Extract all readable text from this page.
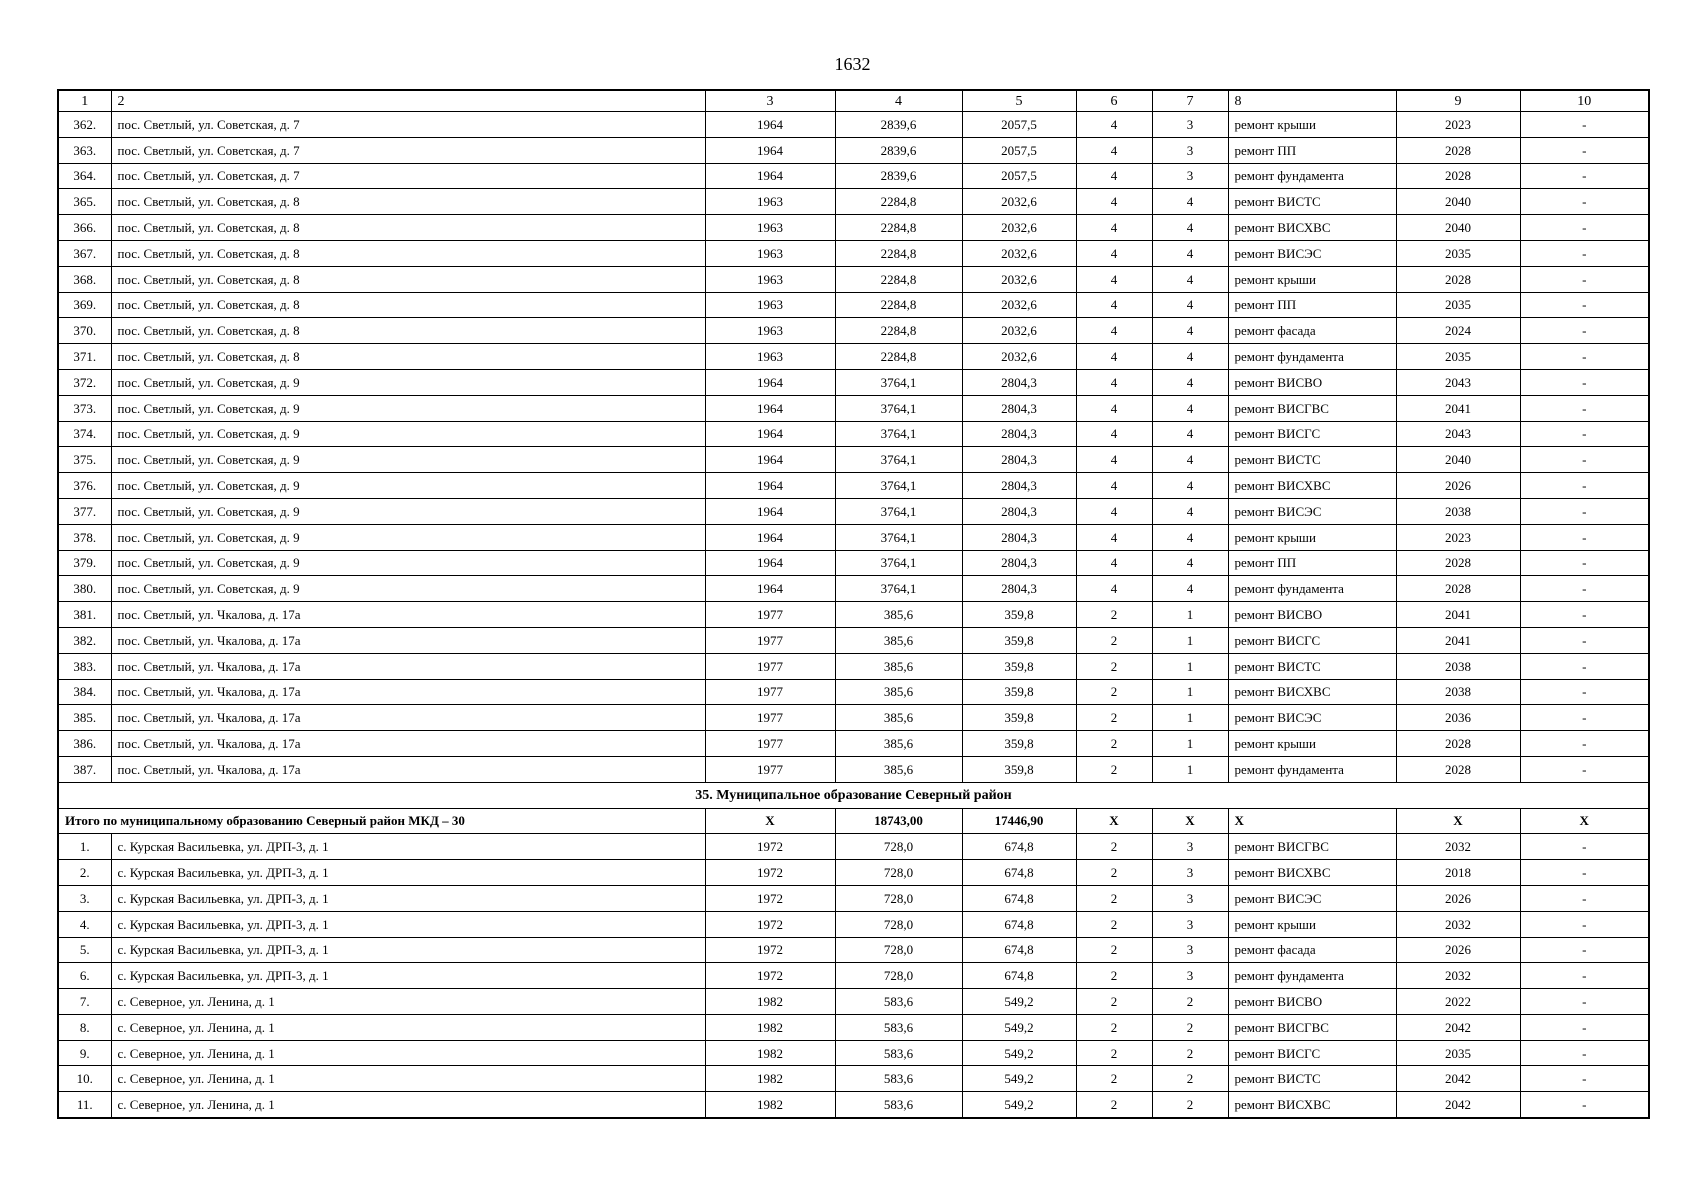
1632
1	2	3	4	5	6	7	8	9	10
362.	пос. Светлый, ул. Советская, д. 7	1964	2839,6	2057,5	4	3	ремонт крыши	2023	-
363.	пос. Светлый, ул. Советская, д. 7	1964	2839,6	2057,5	4	3	ремонт ПП	2028	-
364.	пос. Светлый, ул. Советская, д. 7	1964	2839,6	2057,5	4	3	ремонт фундамента	2028	-
365.	пос. Светлый, ул. Советская, д. 8	1963	2284,8	2032,6	4	4	ремонт ВИСТС	2040	-
366.	пос. Светлый, ул. Советская, д. 8	1963	2284,8	2032,6	4	4	ремонт ВИСХВС	2040	-
367.	пос. Светлый, ул. Советская, д. 8	1963	2284,8	2032,6	4	4	ремонт ВИСЭС	2035	-
368.	пос. Светлый, ул. Советская, д. 8	1963	2284,8	2032,6	4	4	ремонт крыши	2028	-
369.	пос. Светлый, ул. Советская, д. 8	1963	2284,8	2032,6	4	4	ремонт ПП	2035	-
370.	пос. Светлый, ул. Советская, д. 8	1963	2284,8	2032,6	4	4	ремонт фасада	2024	-
371.	пос. Светлый, ул. Советская, д. 8	1963	2284,8	2032,6	4	4	ремонт фундамента	2035	-
372.	пос. Светлый, ул. Советская, д. 9	1964	3764,1	2804,3	4	4	ремонт ВИСВО	2043	-
373.	пос. Светлый, ул. Советская, д. 9	1964	3764,1	2804,3	4	4	ремонт ВИСГВС	2041	-
374.	пос. Светлый, ул. Советская, д. 9	1964	3764,1	2804,3	4	4	ремонт ВИСГС	2043	-
375.	пос. Светлый, ул. Советская, д. 9	1964	3764,1	2804,3	4	4	ремонт ВИСТС	2040	-
376.	пос. Светлый, ул. Советская, д. 9	1964	3764,1	2804,3	4	4	ремонт ВИСХВС	2026	-
377.	пос. Светлый, ул. Советская, д. 9	1964	3764,1	2804,3	4	4	ремонт ВИСЭС	2038	-
378.	пос. Светлый, ул. Советская, д. 9	1964	3764,1	2804,3	4	4	ремонт крыши	2023	-
379.	пос. Светлый, ул. Советская, д. 9	1964	3764,1	2804,3	4	4	ремонт ПП	2028	-
380.	пос. Светлый, ул. Советская, д. 9	1964	3764,1	2804,3	4	4	ремонт фундамента	2028	-
381.	пос. Светлый, ул. Чкалова, д. 17а	1977	385,6	359,8	2	1	ремонт ВИСВО	2041	-
382.	пос. Светлый, ул. Чкалова, д. 17а	1977	385,6	359,8	2	1	ремонт ВИСГС	2041	-
383.	пос. Светлый, ул. Чкалова, д. 17а	1977	385,6	359,8	2	1	ремонт ВИСТС	2038	-
384.	пос. Светлый, ул. Чкалова, д. 17а	1977	385,6	359,8	2	1	ремонт ВИСХВС	2038	-
385.	пос. Светлый, ул. Чкалова, д. 17а	1977	385,6	359,8	2	1	ремонт ВИСЭС	2036	-
386.	пос. Светлый, ул. Чкалова, д. 17а	1977	385,6	359,8	2	1	ремонт крыши	2028	-
387.	пос. Светлый, ул. Чкалова, д. 17а	1977	385,6	359,8	2	1	ремонт фундамента	2028	-
35. Муниципальное образование Северный район									
Итого по муниципальному образованию Северный район МКД – 30		X	18743,00	17446,90	X	X	X	X	X
1.	с. Курская Васильевка, ул. ДРП-3, д. 1	1972	728,0	674,8	2	3	ремонт ВИСГВС	2032	-
2.	с. Курская Васильевка, ул. ДРП-3, д. 1	1972	728,0	674,8	2	3	ремонт ВИСХВС	2018	-
3.	с. Курская Васильевка, ул. ДРП-3, д. 1	1972	728,0	674,8	2	3	ремонт ВИСЭС	2026	-
4.	с. Курская Васильевка, ул. ДРП-3, д. 1	1972	728,0	674,8	2	3	ремонт крыши	2032	-
5.	с. Курская Васильевка, ул. ДРП-3, д. 1	1972	728,0	674,8	2	3	ремонт фасада	2026	-
6.	с. Курская Васильевка, ул. ДРП-3, д. 1	1972	728,0	674,8	2	3	ремонт фундамента	2032	-
7.	с. Северное, ул. Ленина, д. 1	1982	583,6	549,2	2	2	ремонт ВИСВО	2022	-
8.	с. Северное, ул. Ленина, д. 1	1982	583,6	549,2	2	2	ремонт ВИСГВС	2042	-
9.	с. Северное, ул. Ленина, д. 1	1982	583,6	549,2	2	2	ремонт ВИСГС	2035	-
10.	с. Северное, ул. Ленина, д. 1	1982	583,6	549,2	2	2	ремонт ВИСТС	2042	-
11.	с. Северное, ул. Ленина, д. 1	1982	583,6	549,2	2	2	ремонт ВИСХВС	2042	-
